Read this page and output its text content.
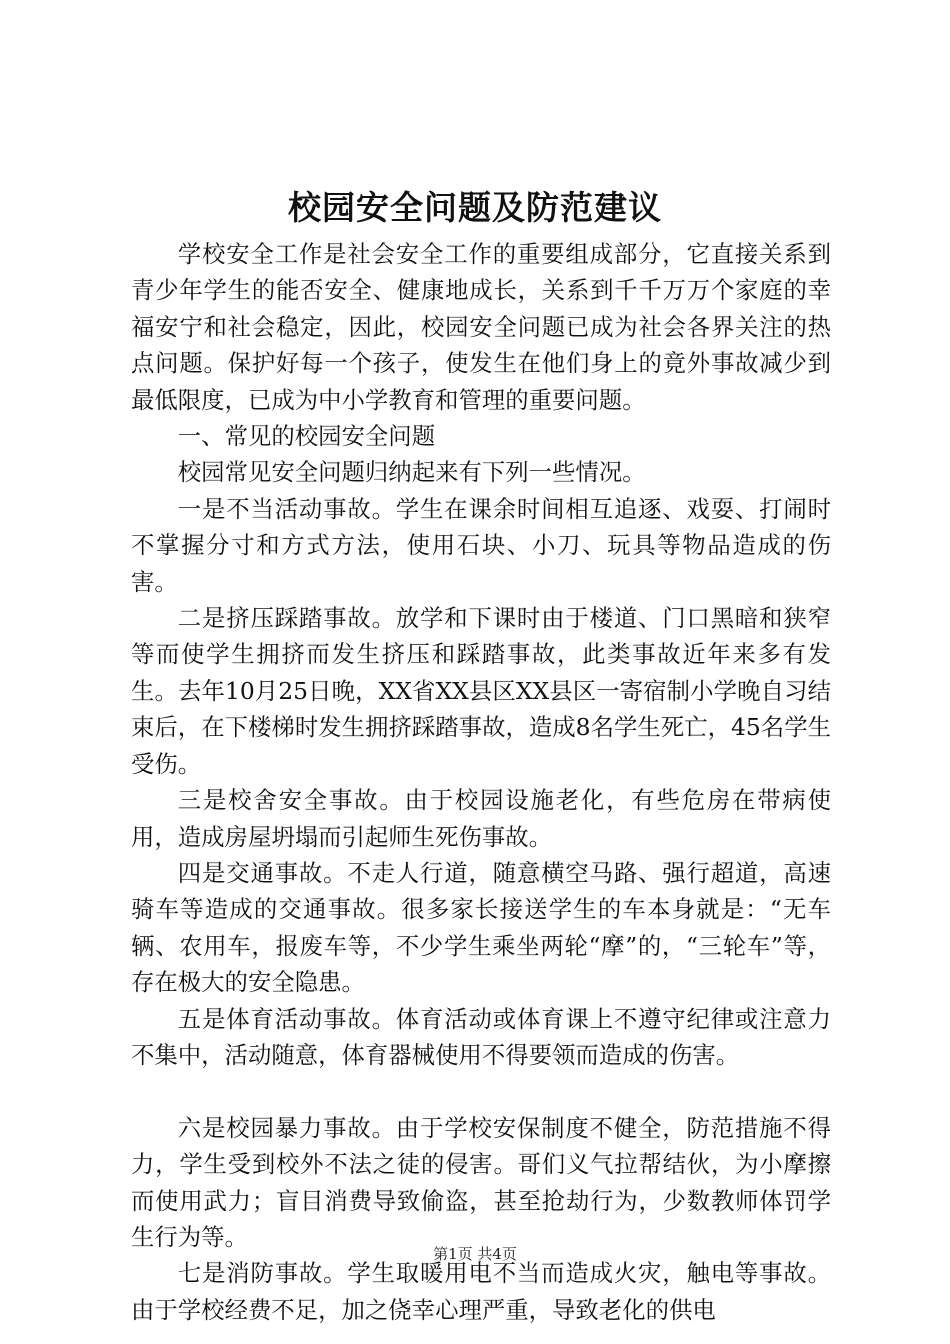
校园安全问题及防范建议

学校安全工作是社会安全工作的重要组成部分，它直接关系到青少年学生的能否安全、健康地成长，关系到千千万万个家庭的幸福安宁和社会稳定，因此，校园安全问题已成为社会各界关注的热点问题。保护好每一个孩子，使发生在他们身上的竟外事故减少到最低限度，已成为中小学教育和管理的重要问题。

一、常见的校园安全问题

校园常见安全问题归纳起来有下列一些情况。

一是不当活动事故。学生在课余时间相互追逐、戏耍、打闹时不掌握分寸和方式方法，使用石块、小刀、玩具等物品造成的伤害。

二是挤压踩踏事故。放学和下课时由于楼道、门口黑暗和狭窄等而使学生拥挤而发生挤压和踩踏事故，此类事故近年来多有发生。去年10月25日晚，XX省XX县区XX县区一寄宿制小学晚自习结束后，在下楼梯时发生拥挤踩踏事故，造成8名学生死亡，45名学生受伤。

三是校舍安全事故。由于校园设施老化，有些危房在带病使用，造成房屋坍塌而引起师生死伤事故。

四是交通事故。不走人行道，随意横空马路、强行超道，高速骑车等造成的交通事故。很多家长接送学生的车本身就是：“无车辆、农用车，报废车等，不少学生乘坐两轮“摩”的，“三轮车”等，存在极大的安全隐患。

五是体育活动事故。体育活动或体育课上不遵守纪律或注意力不集中，活动随意，体育器械使用不得要领而造成的伤害。

六是校园暴力事故。由于学校安保制度不健全，防范措施不得力，学生受到校外不法之徒的侵害。哥们义气拉帮结伙，为小摩擦而使用武力；盲目消费导致偷盗，甚至抢劫行为，少数教师体罚学生行为等。

七是消防事故。学生取暖用电不当而造成火灾，触电等事故。由于学校经费不足，加之侥幸心理严重，导致老化的供电

第1页 共4页
